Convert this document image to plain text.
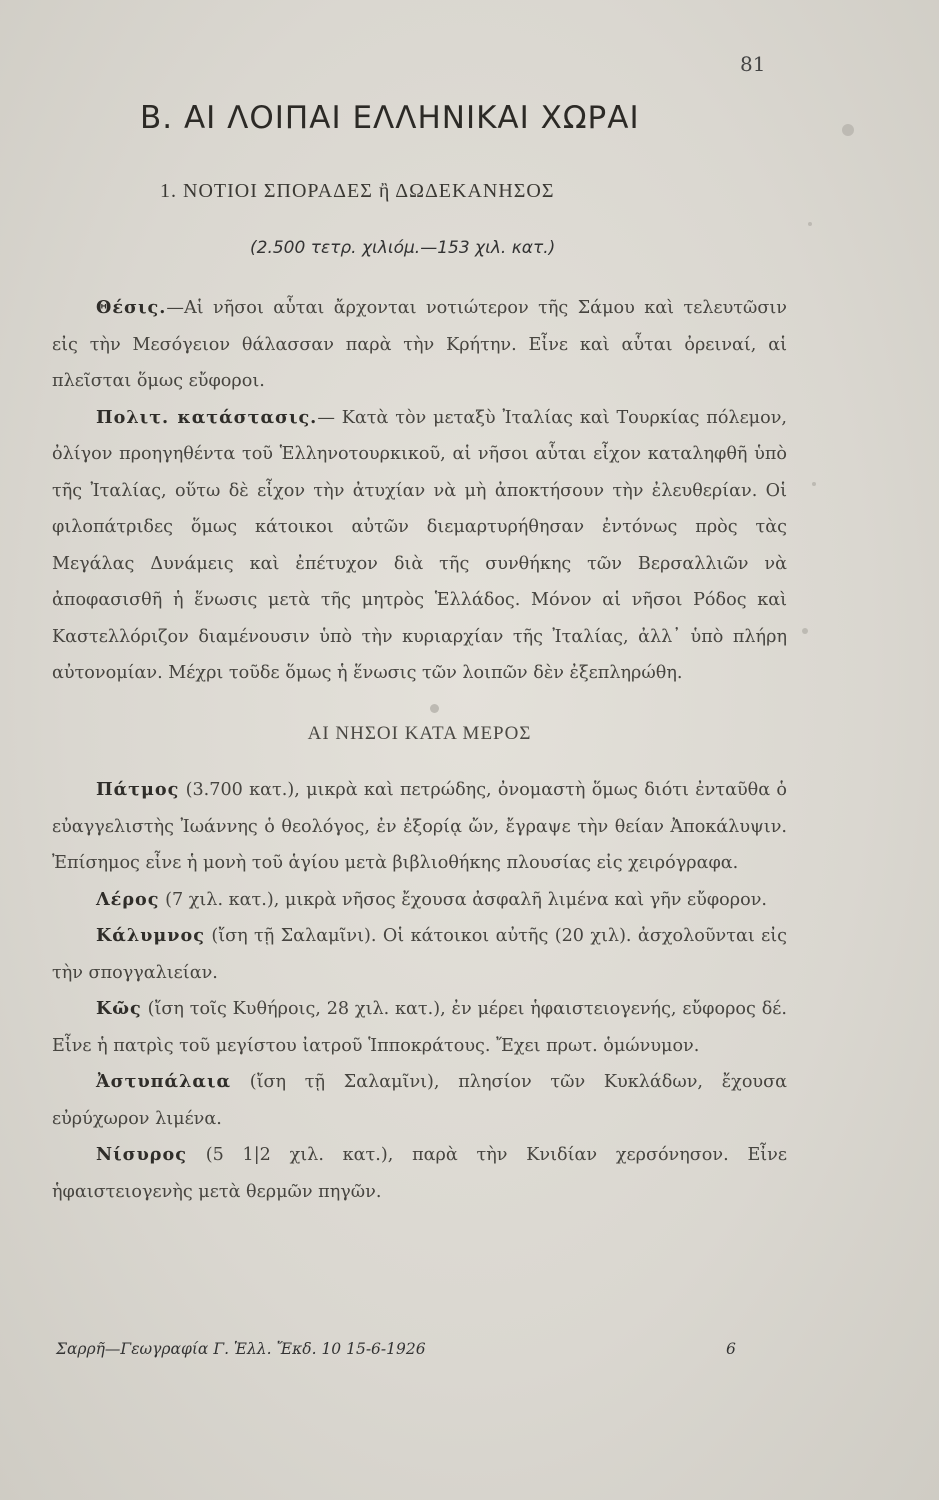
81
Β. ΑΙ ΛΟΙΠΑΙ ΕΛΛΗΝΙΚΑΙ ΧΩΡΑΙ
1. ΝΟΤΙΟΙ ΣΠΟΡΑΔΕΣ ἢ ΔΩΔΕΚΑΝΗΣΟΣ
(2.500 τετρ. χιλιόμ.—153 χιλ. κατ.)

Θέσις.—Αἱ νῆσοι αὗται ἄρχονται νοτιώτερον τῆς Σάμου καὶ τελευτῶσιν εἰς τὴν Μεσόγειον θάλασσαν παρὰ τὴν Κρήτην. Εἶνε καὶ αὗται ὀρειναί, αἱ πλεῖσται ὅμως εὔφοροι.

Πολιτ. κατάστασις.— Κατὰ τὸν μεταξὺ Ἰταλίας καὶ Τουρκίας πόλεμον, ὀλίγον προηγηθέντα τοῦ Ἑλληνοτουρκικοῦ, αἱ νῆσοι αὗται εἶχον καταληφθῆ ὑπὸ τῆς Ἰταλίας, οὕτω δὲ εἶχον τὴν ἀτυχίαν νὰ μὴ ἀποκτήσουν τὴν ἐλευθερίαν. Οἱ φιλοπάτριδες ὅμως κάτοικοι αὐτῶν διεμαρτυρήθησαν ἐντόνως πρὸς τὰς Μεγάλας Δυνάμεις καὶ ἐπέτυχον διὰ τῆς συνθήκης τῶν Βερσαλλιῶν νὰ ἀποφασισθῆ ἡ ἕνωσις μετὰ τῆς μητρὸς Ἑλλάδος. Μόνον αἱ νῆσοι Ρόδος καὶ Καστελλόριζον διαμένουσιν ὑπὸ τὴν κυριαρχίαν τῆς Ἰταλίας, ἀλλ᾽ ὑπὸ πλήρη αὐτονομίαν. Μέχρι τοῦδε ὅμως ἡ ἕνωσις τῶν λοιπῶν δὲν ἐξεπληρώθη.

ΑΙ ΝΗΣΟΙ ΚΑΤΑ ΜΕΡΟΣ

Πάτμος (3.700 κατ.), μικρὰ καὶ πετρώδης, ὀνομαστὴ ὅμως διότι ἐνταῦθα ὁ εὐαγγελιστὴς Ἰωάννης ὁ θεολόγος, ἐν ἐξορίᾳ ὤν, ἔγραψε τὴν θείαν Ἀποκάλυψιν. Ἐπίσημος εἶνε ἡ μονὴ τοῦ ἁγίου μετὰ βιβλιοθήκης πλουσίας εἰς χειρόγραφα.

Λέρος (7 χιλ. κατ.), μικρὰ νῆσος ἔχουσα ἀσφαλῆ λιμένα καὶ γῆν εὔφορον.

Κάλυμνος (ἴση τῇ Σαλαμῖνι). Οἱ κάτοικοι αὐτῆς (20 χιλ). ἀσχολοῦνται εἰς τὴν σπογγαλιείαν.

Κῶς (ἴση τοῖς Κυθήροις, 28 χιλ. κατ.), ἐν μέρει ἡφαιστειογενής, εὔφορος δέ. Εἶνε ἡ πατρὶς τοῦ μεγίστου ἰατροῦ Ἱπποκράτους. Ἔχει πρωτ. ὁμώνυμον.

Ἀστυπάλαια (ἴση τῇ Σαλαμῖνι), πλησίον τῶν Κυκλάδων, ἔχουσα εὐρύχωρον λιμένα.

Νίσυρος (5 1|2 χιλ. κατ.), παρὰ τὴν Κνιδίαν χερσόνησον. Εἶνε ἡφαιστειογενὴς μετὰ θερμῶν πηγῶν.

Σαρρῆ—Γεωγραφία Γ. Ἑλλ. Ἔκδ. 10 15-6-1926	6
